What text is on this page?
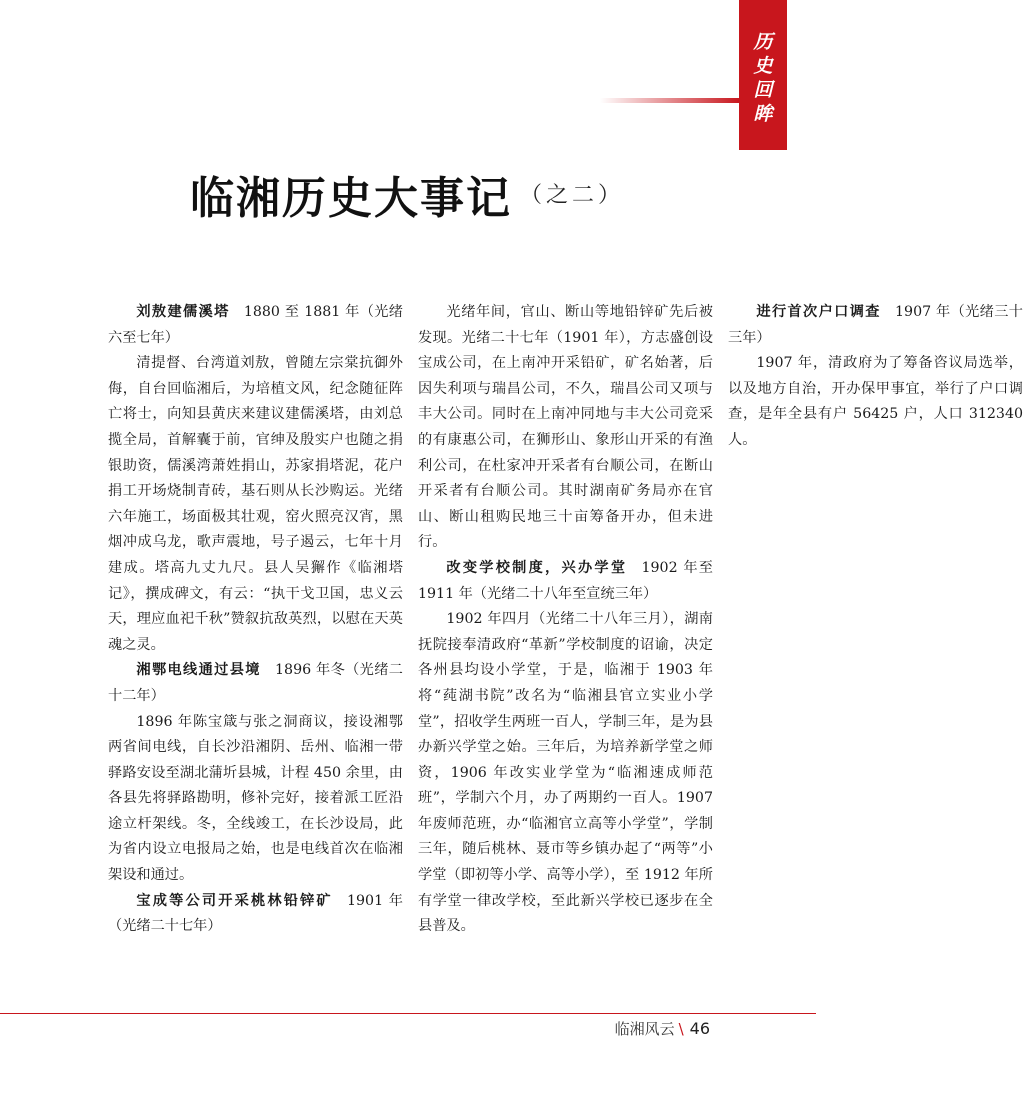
历
史
回
眸
临湘历史大事记 （之二）

刘敖建儒溪塔  1880 至 1881 年（光绪六至七年）

清提督、台湾道刘敖，曾随左宗棠抗御外侮，自台回临湘后，为培植文风，纪念随征阵亡将士，向知县黄庆来建议建儒溪塔，由刘总揽全局，首解囊于前，官绅及殷实户也随之捐银助资，儒溪湾萧姓捐山，苏家捐塔泥，花户捐工开场烧制青砖，基石则从长沙购运。光绪六年施工，场面极其壮观，窑火照亮汉宵，黑烟冲成乌龙，歌声震地，号子遏云，七年十月建成。塔高九丈九尺。县人吴獬作《临湘塔记》，撰成碑文，有云：“执干戈卫国，忠义云天，理应血祀千秋”赞叙抗敌英烈，以慰在天英魂之灵。

湘鄂电线通过县境  1896 年冬（光绪二十二年）

1896 年陈宝箴与张之洞商议，接设湘鄂两省间电线，自长沙沿湘阴、岳州、临湘一带驿路安设至湖北蒲圻县城，计程 450 余里，由各县先将驿路勘明，修补完好，接着派工匠沿途立杆架线。冬，全线竣工，在长沙设局，此为省内设立电报局之始，也是电线首次在临湘架设和通过。

宝成等公司开采桃林铅锌矿  1901 年（光绪二十七年）

光绪年间，官山、断山等地铅锌矿先后被发现。光绪二十七年（1901 年），方志盛创设宝成公司，在上南冲开采铅矿，矿名始著，后因失利项与瑞昌公司，不久，瑞昌公司又项与丰大公司。同时在上南冲同地与丰大公司竞采的有康惠公司，在狮形山、象形山开采的有渔利公司，在杜家冲开采者有台顺公司，在断山开采者有台顺公司。其时湖南矿务局亦在官山、断山租购民地三十亩筹备开办，但未进行。

改变学校制度，兴办学堂  1902 年至 1911 年（光绪二十八年至宣统三年）

1902 年四月（光绪二十八年三月），湖南抚院接奉清政府“革新”学校制度的诏谕，决定各州县均设小学堂，于是，临湘于 1903 年将“莼湖书院”改名为“临湘县官立实业小学堂”，招收学生两班一百人，学制三年，是为县办新兴学堂之始。三年后，为培养新学堂之师资，1906 年改实业学堂为“临湘速成师范班”，学制六个月，办了两期约一百人。1907 年废师范班，办“临湘官立高等小学堂”，学制三年，随后桃林、聂市等乡镇办起了“两等”小学堂（即初等小学、高等小学），至 1912 年所有学堂一律改学校，至此新兴学校已逐步在全县普及。

进行首次户口调查  1907 年（光绪三十三年）

1907 年，清政府为了筹备咨议局选举，以及地方自治，开办保甲事宜，举行了户口调查，是年全县有户 56425 户，人口 312340 人。

临湘风云 \ 46
